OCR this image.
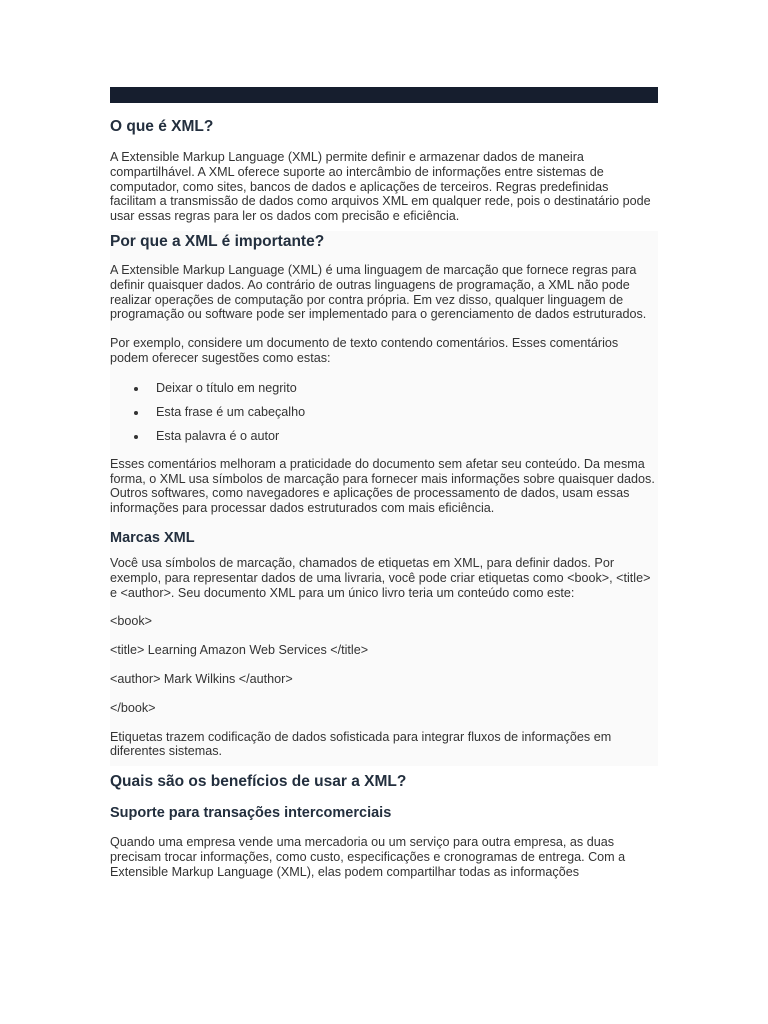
O que é XML?

A Extensible Markup Language (XML) permite definir e armazenar dados de maneira compartilhável. A XML oferece suporte ao intercâmbio de informações entre sistemas de computador, como sites, bancos de dados e aplicações de terceiros. Regras predefinidas facilitam a transmissão de dados como arquivos XML em qualquer rede, pois o destinatário pode usar essas regras para ler os dados com precisão e eficiência.

Por que a XML é importante?

A Extensible Markup Language (XML) é uma linguagem de marcação que fornece regras para definir quaisquer dados. Ao contrário de outras linguagens de programação, a XML não pode realizar operações de computação por contra própria. Em vez disso, qualquer linguagem de programação ou software pode ser implementado para o gerenciamento de dados estruturados.

Por exemplo, considere um documento de texto contendo comentários. Esses comentários podem oferecer sugestões como estas:

Deixar o título em negrito
Esta frase é um cabeçalho
Esta palavra é o autor

Esses comentários melhoram a praticidade do documento sem afetar seu conteúdo. Da mesma forma, o XML usa símbolos de marcação para fornecer mais informações sobre quaisquer dados. Outros softwares, como navegadores e aplicações de processamento de dados, usam essas informações para processar dados estruturados com mais eficiência.

Marcas XML

Você usa símbolos de marcação, chamados de etiquetas em XML, para definir dados. Por exemplo, para representar dados de uma livraria, você pode criar etiquetas como <book>, <title> e <author>. Seu documento XML para um único livro teria um conteúdo como este:

<book>

<title> Learning Amazon Web Services </title>

<author> Mark Wilkins </author>

</book>

Etiquetas trazem codificação de dados sofisticada para integrar fluxos de informações em diferentes sistemas.

Quais são os benefícios de usar a XML?
Suporte para transações intercomerciais

Quando uma empresa vende uma mercadoria ou um serviço para outra empresa, as duas precisam trocar informações, como custo, especificações e cronogramas de entrega. Com a Extensible Markup Language (XML), elas podem compartilhar todas as informações
